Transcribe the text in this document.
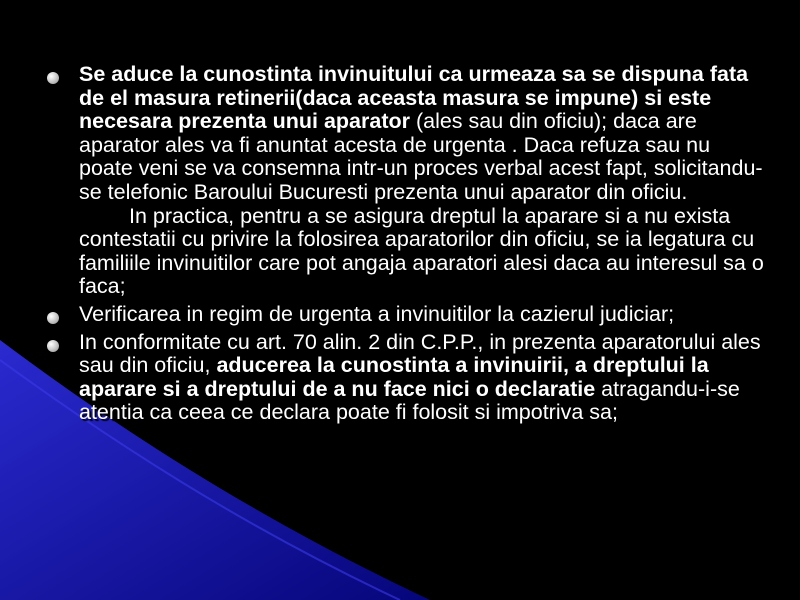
Se aduce la cunostinta invinuitului ca urmeaza sa se dispuna fata de el masura retinerii(daca aceasta masura se impune) si este necesara prezenta unui aparator (ales sau din oficiu); daca are aparator ales va fi anuntat acesta de urgenta . Daca refuza sau nu poate veni se va consemna intr-un proces verbal acest fapt, solicitandu-se telefonic Baroului Bucuresti prezenta unui aparator din oficiu.
In practica, pentru a se asigura dreptul la aparare si a nu exista contestatii cu privire la folosirea aparatorilor din oficiu, se ia legatura cu familiile invinuitilor care pot angaja aparatori alesi daca au interesul sa o faca;
Verificarea in regim de urgenta a invinuitilor la cazierul judiciar;
In conformitate cu art. 70 alin. 2 din C.P.P., in prezenta aparatorului ales sau din oficiu, aducerea la cunostinta a invinuirii, a dreptului la aparare si a dreptului de a nu face nici o declaratie atragandu-i-se atentia ca ceea ce declara poate fi folosit si impotriva sa;
